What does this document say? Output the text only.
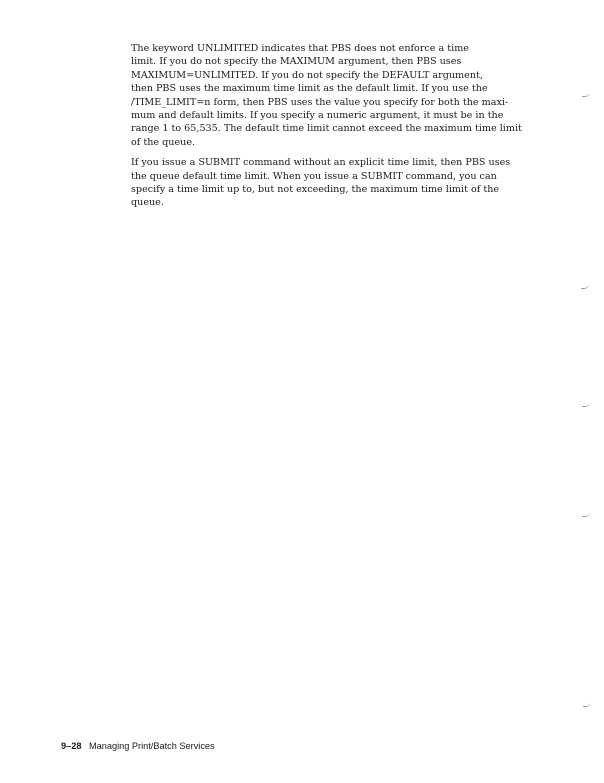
The keyword UNLIMITED indicates that PBS does not enforce a time
limit. If you do not specify the MAXIMUM argument, then PBS uses
MAXIMUM=UNLIMITED. If you do not specify the DEFAULT argument,
then PBS uses the maximum time limit as the default limit. If you use the
/TIME_LIMIT=n form, then PBS uses the value you specify for both the maxi-
mum and default limits. If you specify a numeric argument, it must be in the
range 1 to 65,535. The default time limit cannot exceed the maximum time limit
of the queue.

If you issue a SUBMIT command without an explicit time limit, then PBS uses
the queue default time limit. When you issue a SUBMIT command, you can
specify a time limit up to, but not exceeding, the maximum time limit of the
queue.

9–28 Managing Print/Batch Services
